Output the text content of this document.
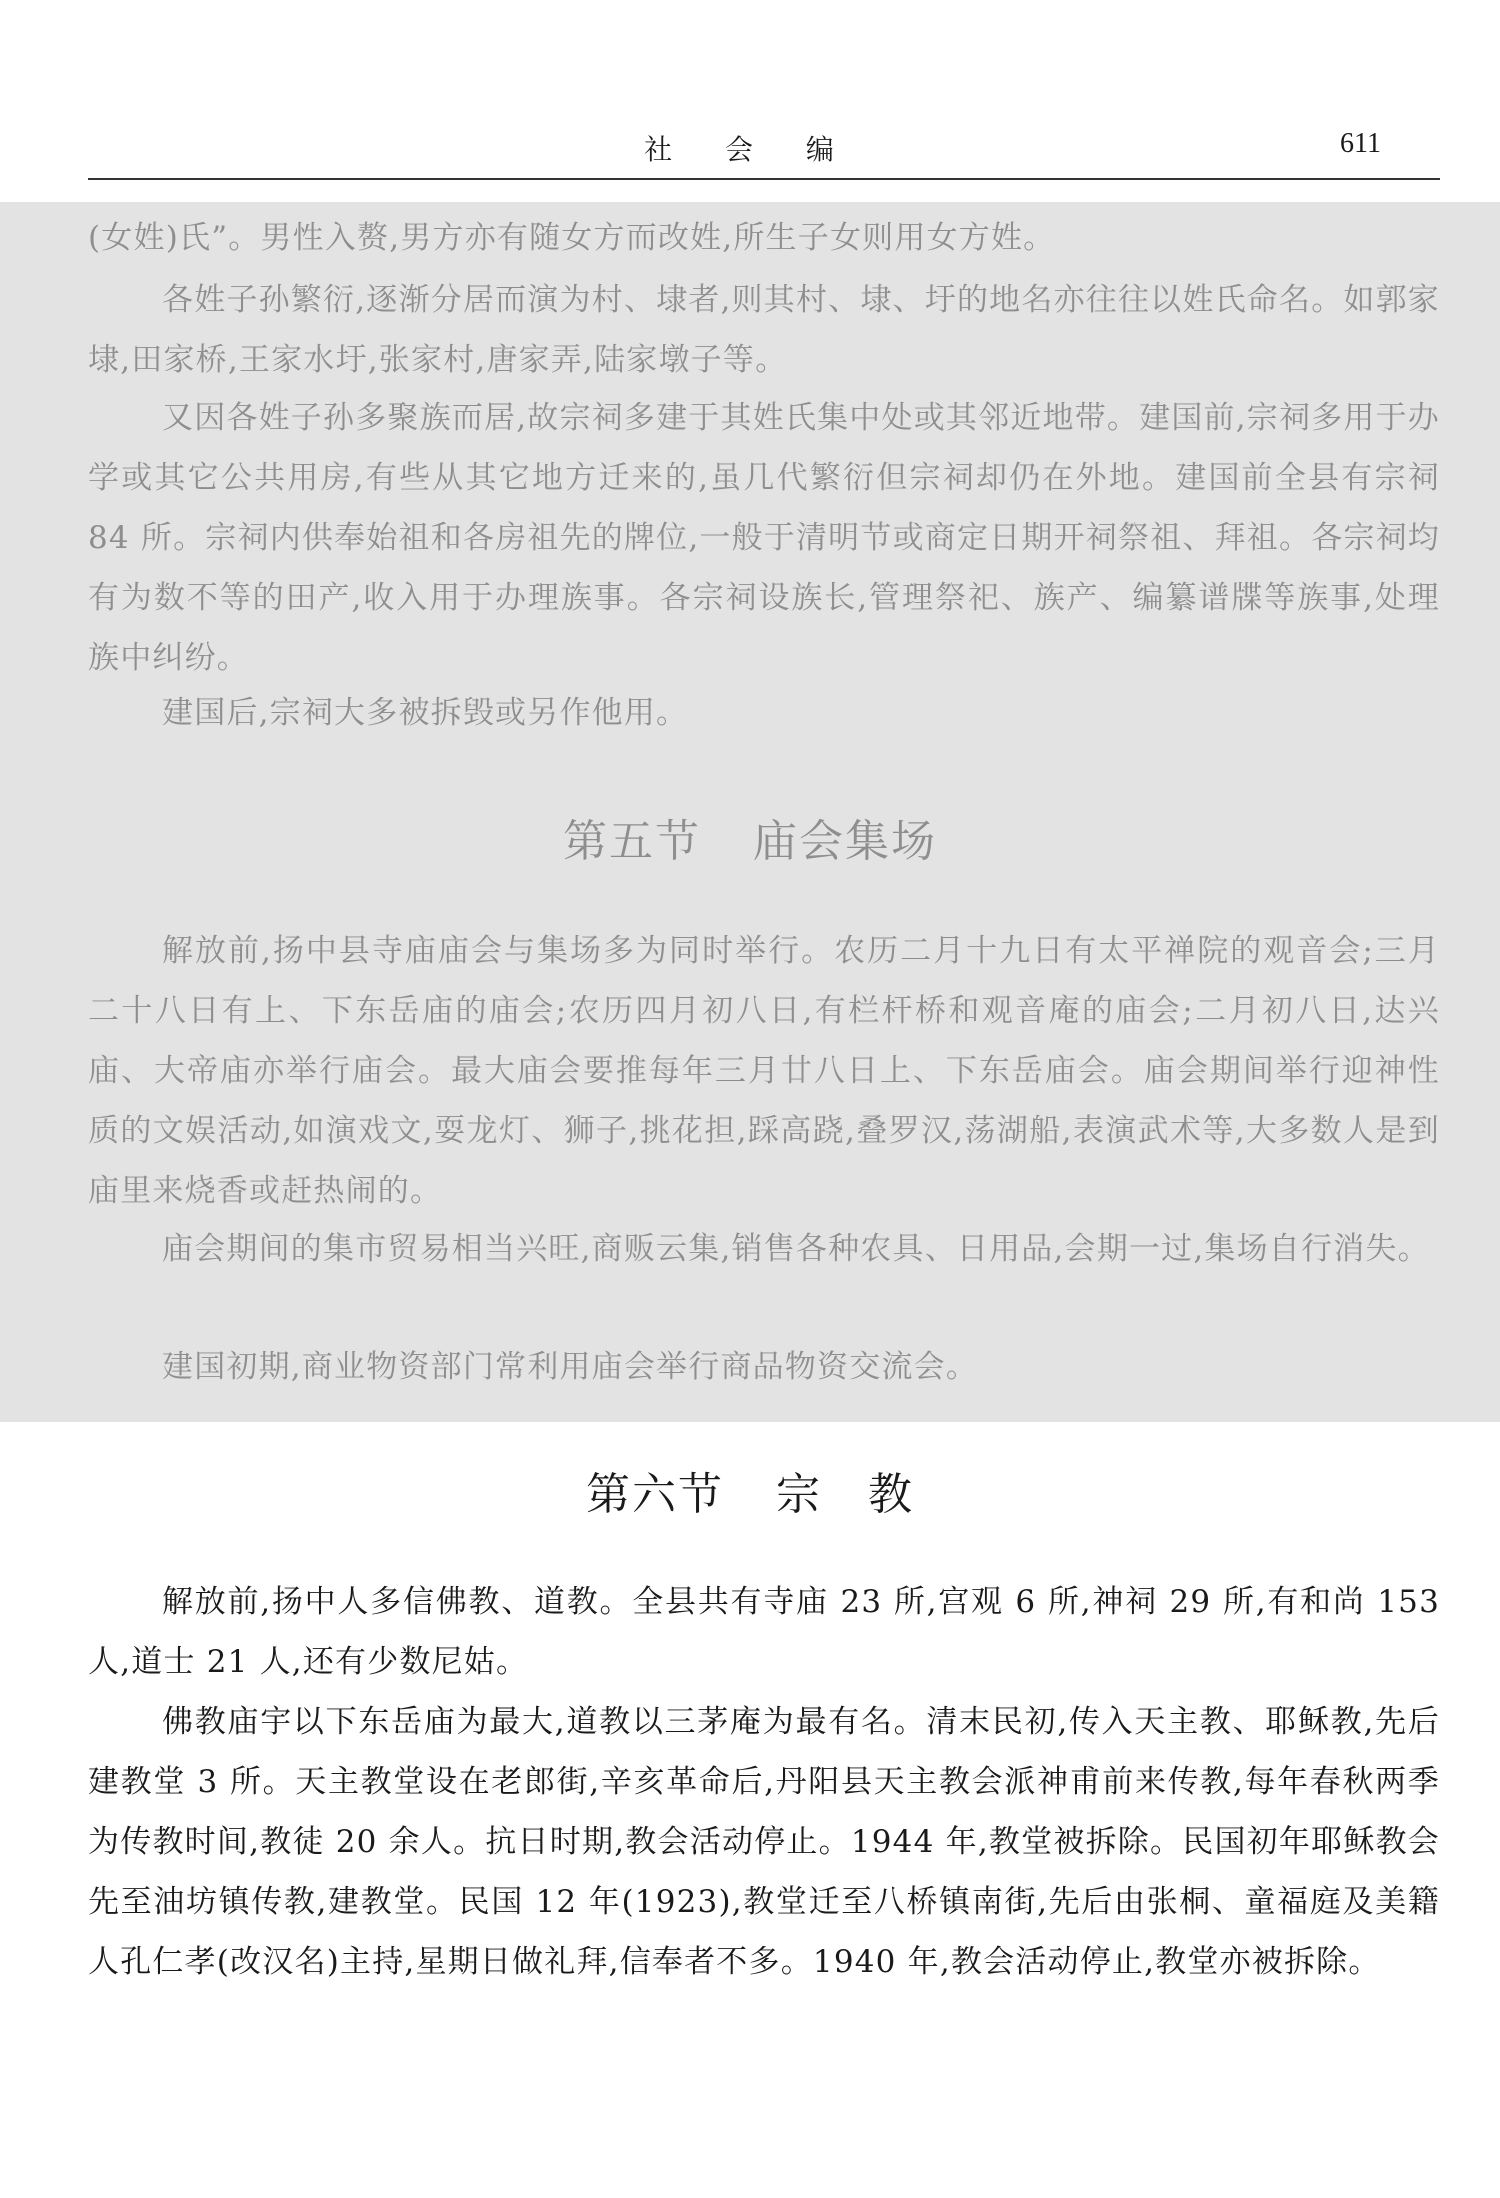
社 会 编	611

(女姓)氏”。男性入赘,男方亦有随女方而改姓,所生子女则用女方姓。

各姓子孙繁衍,逐渐分居而演为村、埭者,则其村、埭、圩的地名亦往往以姓氏命名。如郭家埭,田家桥,王家水圩,张家村,唐家弄,陆家墩子等。

又因各姓子孙多聚族而居,故宗祠多建于其姓氏集中处或其邻近地带。建国前,宗祠多用于办学或其它公共用房,有些从其它地方迁来的,虽几代繁衍但宗祠却仍在外地。建国前全县有宗祠 84 所。宗祠内供奉始祖和各房祖先的牌位,一般于清明节或商定日期开祠祭祖、拜祖。各宗祠均有为数不等的田产,收入用于办理族事。各宗祠设族长,管理祭祀、族产、编纂谱牒等族事,处理族中纠纷。

建国后,宗祠大多被拆毁或另作他用。

第五节 庙会集场

解放前,扬中县寺庙庙会与集场多为同时举行。农历二月十九日有太平禅院的观音会;三月二十八日有上、下东岳庙的庙会;农历四月初八日,有栏杆桥和观音庵的庙会;二月初八日,达兴庙、大帝庙亦举行庙会。最大庙会要推每年三月廿八日上、下东岳庙会。庙会期间举行迎神性质的文娱活动,如演戏文,耍龙灯、狮子,挑花担,踩高跷,叠罗汉,荡湖船,表演武术等,大多数人是到庙里来烧香或赶热闹的。

庙会期间的集市贸易相当兴旺,商贩云集,销售各种农具、日用品,会期一过,集场自行消失。

建国初期,商业物资部门常利用庙会举行商品物资交流会。

第六节 宗　教

解放前,扬中人多信佛教、道教。全县共有寺庙 23 所,宫观 6 所,神祠 29 所,有和尚 153 人,道士 21 人,还有少数尼姑。

佛教庙宇以下东岳庙为最大,道教以三茅庵为最有名。清末民初,传入天主教、耶稣教,先后建教堂 3 所。天主教堂设在老郎街,辛亥革命后,丹阳县天主教会派神甫前来传教,每年春秋两季为传教时间,教徒 20 余人。抗日时期,教会活动停止。1944 年,教堂被拆除。民国初年耶稣教会先至油坊镇传教,建教堂。民国 12 年(1923),教堂迁至八桥镇南街,先后由张桐、童福庭及美籍人孔仁孝(改汉名)主持,星期日做礼拜,信奉者不多。1940 年,教会活动停止,教堂亦被拆除。
